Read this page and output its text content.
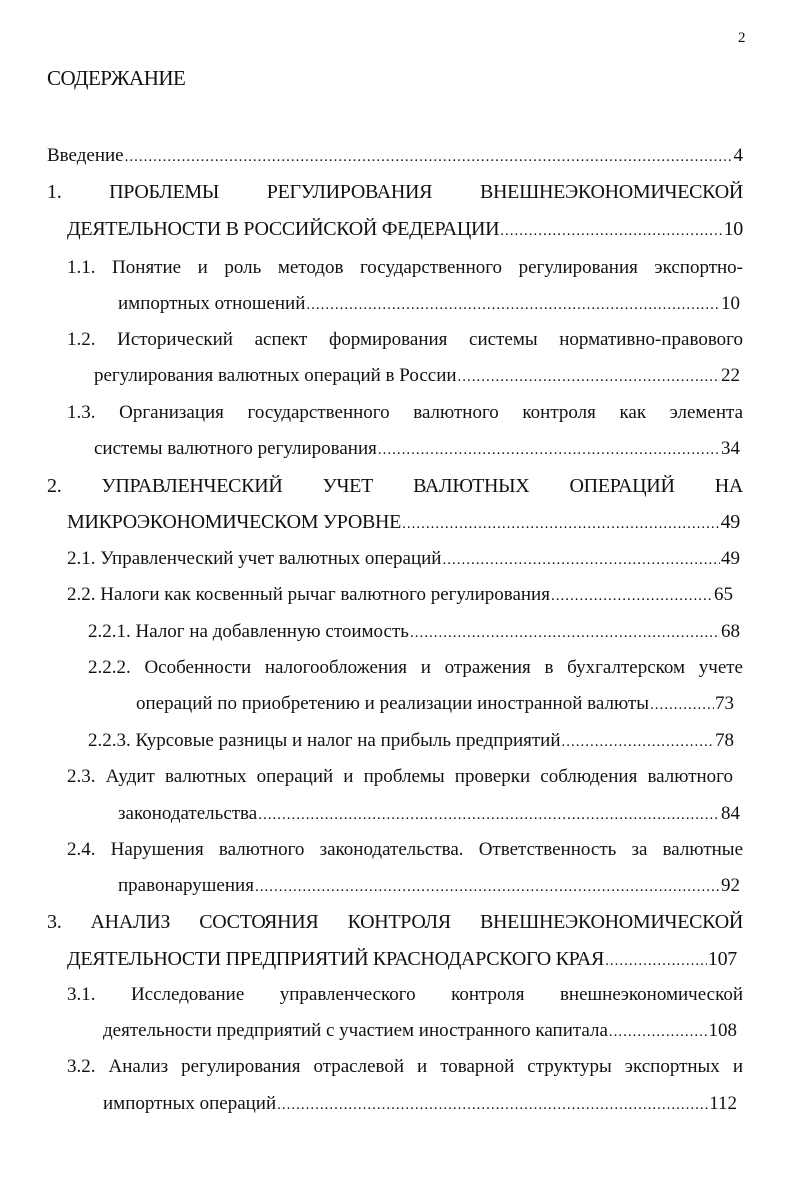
2
СОДЕРЖАНИЕ
Введение .....	4
1. ПРОБЛЕМЫ РЕГУЛИРОВАНИЯ ВНЕШНЕЭКОНОМИЧЕСКОЙ
ДЕЯТЕЛЬНОСТИ В РОССИЙСКОЙ ФЕДЕРАЦИИ .....	10
1.1. Понятие и роль методов государственного регулирования экспортно-
импортных отношений .....	10
1.2. Исторический аспект формирования системы нормативно-правового
регулирования валютных операций в России .....	22
1.3. Организация государственного валютного контроля как элемента
системы валютного регулирования .....	34
2. УПРАВЛЕНЧЕСКИЙ УЧЕТ ВАЛЮТНЫХ ОПЕРАЦИЙ НА
МИКРОЭКОНОМИЧЕСКОМ УРОВНЕ .....	49
2.1. Управленческий учет валютных операций .....	49
2.2. Налоги как косвенный рычаг валютного регулирования .....	65
2.2.1. Налог на добавленную стоимость .....	68
2.2.2. Особенности налогообложения и отражения в бухгалтерском учете
операций по приобретению и реализации иностранной валюты .....	73
2.2.3. Курсовые разницы и налог на прибыль предприятий .....	78
2.3. Аудит валютных операций и проблемы проверки соблюдения валютного
законодательства .....	84
2.4. Нарушения валютного законодательства. Ответственность за валютные
правонарушения .....	92
3. АНАЛИЗ СОСТОЯНИЯ КОНТРОЛЯ ВНЕШНЕЭКОНОМИЧЕСКОЙ
ДЕЯТЕЛЬНОСТИ ПРЕДПРИЯТИЙ КРАСНОДАРСКОГО КРАЯ .....	107
3.1. Исследование управленческого контроля внешнеэкономической
деятельности предприятий с участием иностранного капитала .....	108
3.2. Анализ регулирования отраслевой и товарной структуры экспортных и
импортных операций .....	112
